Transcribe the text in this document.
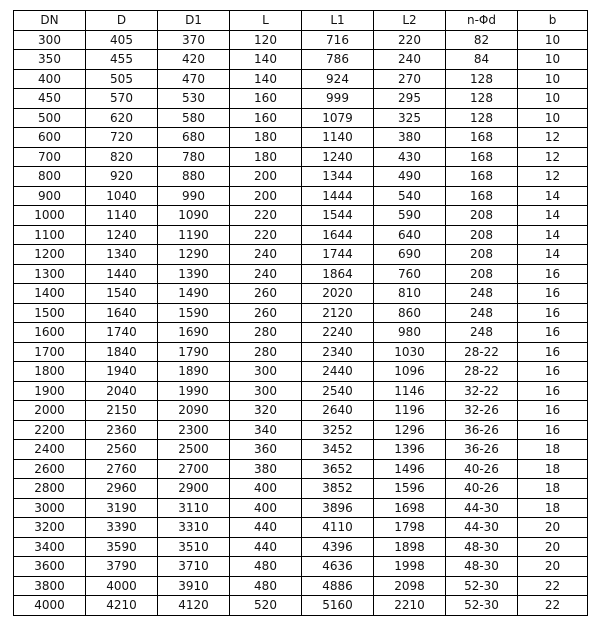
DN	D	D1	L	L1	L2	n-Φd	b
300	405	370	120	716	220	82	10
350	455	420	140	786	240	84	10
400	505	470	140	924	270	128	10
450	570	530	160	999	295	128	10
500	620	580	160	1079	325	128	10
600	720	680	180	1140	380	168	12
700	820	780	180	1240	430	168	12
800	920	880	200	1344	490	168	12
900	1040	990	200	1444	540	168	14
1000	1140	1090	220	1544	590	208	14
1100	1240	1190	220	1644	640	208	14
1200	1340	1290	240	1744	690	208	14
1300	1440	1390	240	1864	760	208	16
1400	1540	1490	260	2020	810	248	16
1500	1640	1590	260	2120	860	248	16
1600	1740	1690	280	2240	980	248	16
1700	1840	1790	280	2340	1030	28-22	16
1800	1940	1890	300	2440	1096	28-22	16
1900	2040	1990	300	2540	1146	32-22	16
2000	2150	2090	320	2640	1196	32-26	16
2200	2360	2300	340	3252	1296	36-26	16
2400	2560	2500	360	3452	1396	36-26	18
2600	2760	2700	380	3652	1496	40-26	18
2800	2960	2900	400	3852	1596	40-26	18
3000	3190	3110	400	3896	1698	44-30	18
3200	3390	3310	440	4110	1798	44-30	20
3400	3590	3510	440	4396	1898	48-30	20
3600	3790	3710	480	4636	1998	48-30	20
3800	4000	3910	480	4886	2098	52-30	22
4000	4210	4120	520	5160	2210	52-30	22
